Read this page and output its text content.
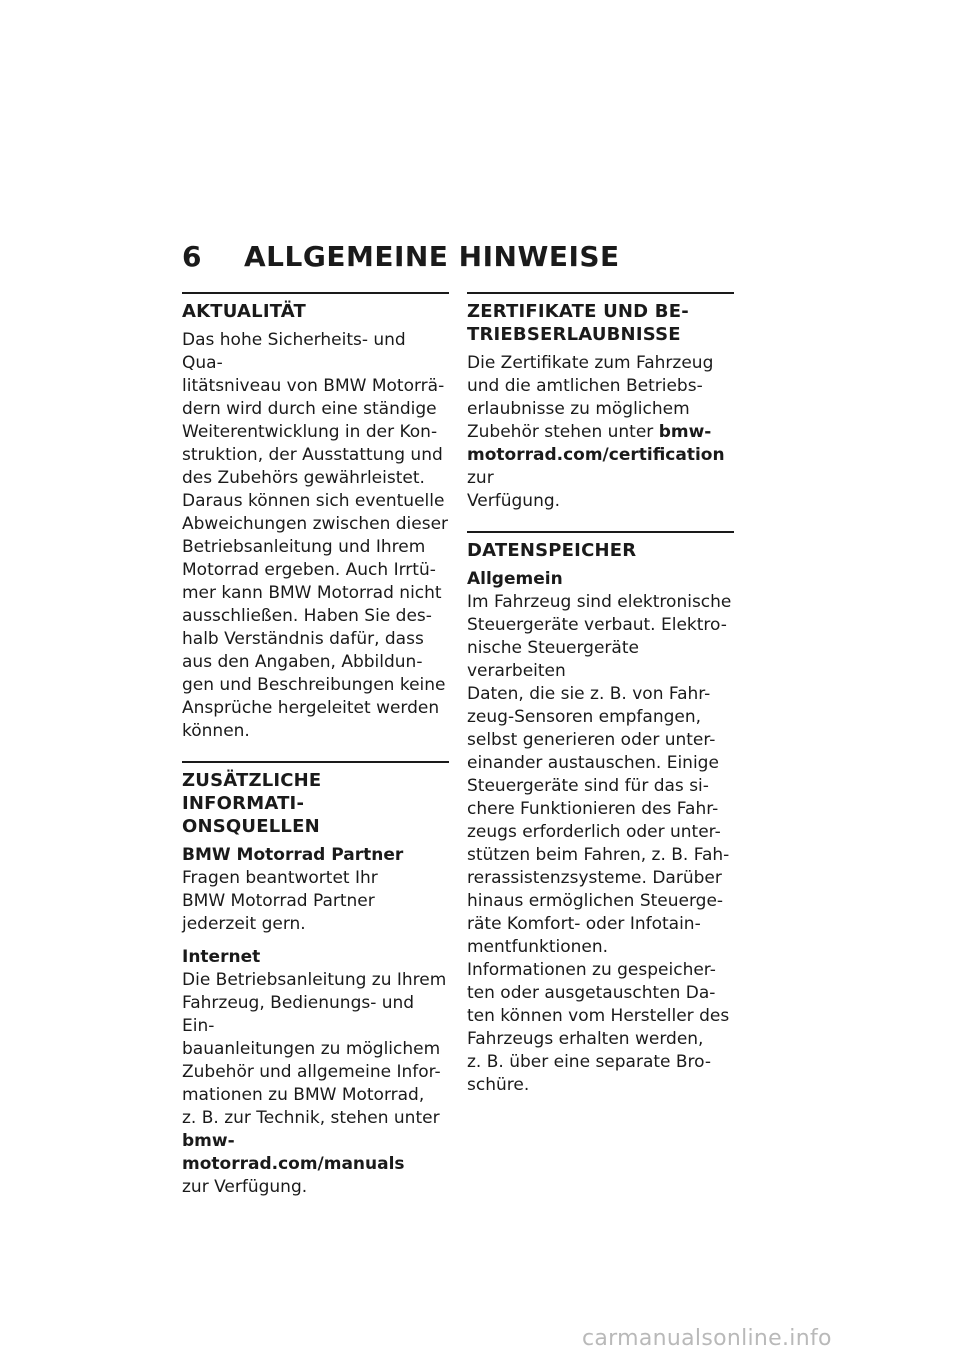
6 ALLGEMEINE HINWEISE
AKTUALITÄT

Das hohe Sicherheits- und Qua-
litätsniveau von BMW Motorrä-
dern wird durch eine ständige
Weiterentwicklung in der Kon-
struktion, der Ausstattung und
des Zubehörs gewährleistet.
Daraus können sich eventuelle
Abweichungen zwischen dieser
Betriebsanleitung und Ihrem
Motorrad ergeben. Auch Irrtü-
mer kann BMW Motorrad nicht
ausschließen. Haben Sie des-
halb Verständnis dafür, dass
aus den Angaben, Abbildun-
gen und Beschreibungen keine
Ansprüche hergeleitet werden
können.

ZUSÄTZLICHE INFORMATI-
ONSQUELLEN
BMW Motorrad Partner

Fragen beantwortet Ihr
BMW Motorrad Partner
jederzeit gern.

Internet

Die Betriebsanleitung zu Ihrem
Fahrzeug, Bedienungs- und Ein-
bauanleitungen zu möglichem
Zubehör und allgemeine Infor-
mationen zu BMW Motorrad,
z. B. zur Technik, stehen unter

bmw-motorrad.com/manuals

zur Verfügung.

ZERTIFIKATE UND BE-
TRIEBSERLAUBNISSE

Die Zertifikate zum Fahrzeug
und die amtlichen Betriebs-
erlaubnisse zu möglichem
Zubehör stehen unter bmw-
motorrad.com/certification zur
Verfügung.

DATENSPEICHER
Allgemein

Im Fahrzeug sind elektronische
Steuergeräte verbaut. Elektro-
nische Steuergeräte verarbeiten
Daten, die sie z. B. von Fahr-
zeug-Sensoren empfangen,
selbst generieren oder unter-
einander austauschen. Einige
Steuergeräte sind für das si-
chere Funktionieren des Fahr-
zeugs erforderlich oder unter-
stützen beim Fahren, z. B. Fah-
rerassistenzsysteme. Darüber
hinaus ermöglichen Steuerge-
räte Komfort- oder Infotain-
mentfunktionen.

Informationen zu gespeicher-
ten oder ausgetauschten Da-
ten können vom Hersteller des
Fahrzeugs erhalten werden,
z. B. über eine separate Bro-
schüre.

carmanualsonline.info
